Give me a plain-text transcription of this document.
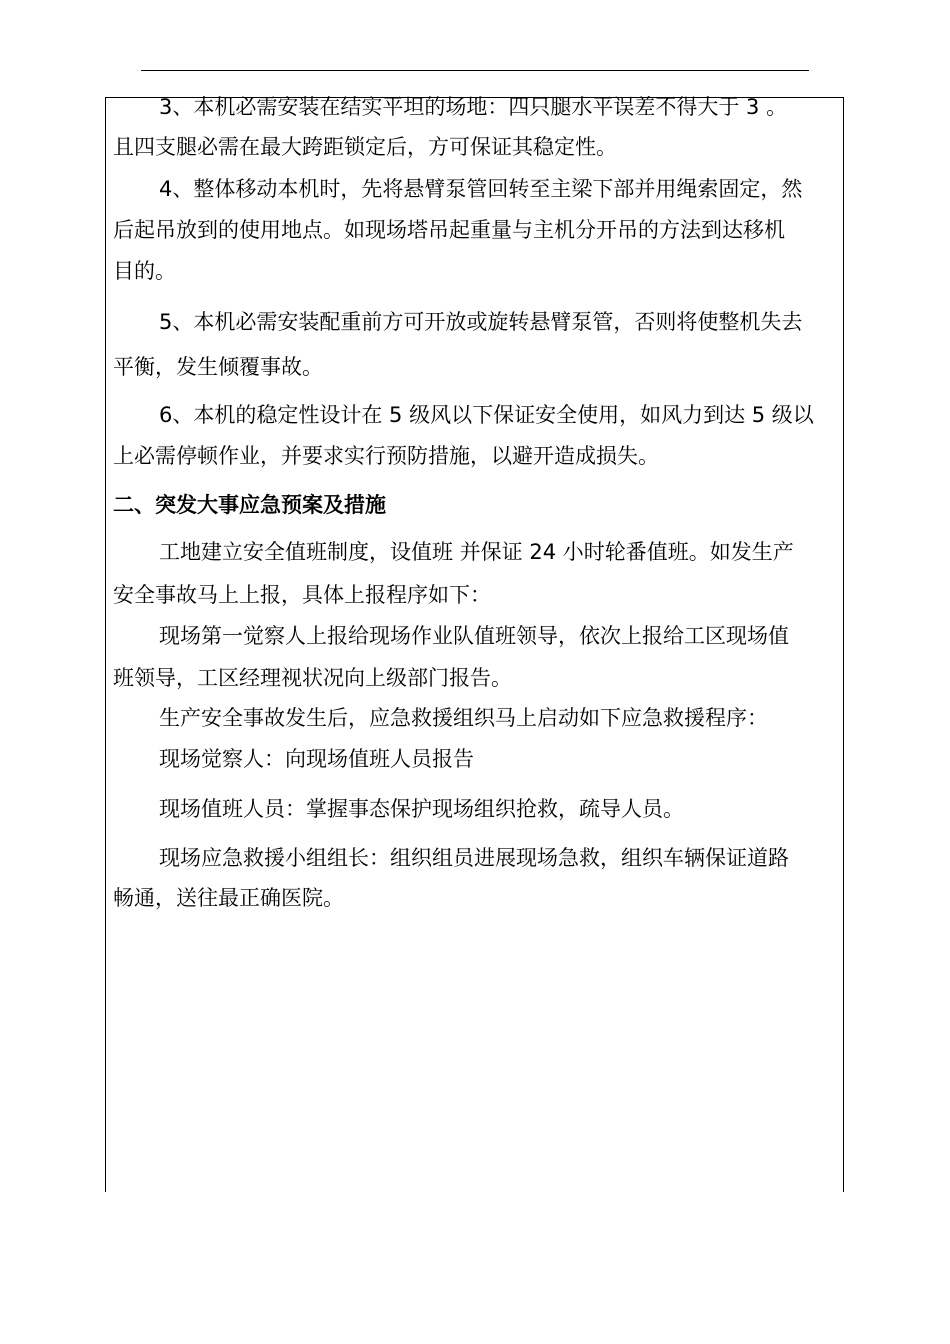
3、本机必需安装在结实平坦的场地：四只腿水平误差不得大于 3 。
且四支腿必需在最大跨距锁定后，方可保证其稳定性。
4、整体移动本机时，先将悬臂泵管回转至主梁下部并用绳索固定，然
后起吊放到的使用地点。如现场塔吊起重量与主机分开吊的方法到达移机
目的。
5、本机必需安装配重前方可开放或旋转悬臂泵管，否则将使整机失去
平衡，发生倾覆事故。
6、本机的稳定性设计在 5 级风以下保证安全使用，如风力到达 5 级以
上必需停顿作业，并要求实行预防措施，以避开造成损失。
二、突发大事应急预案及措施
工地建立安全值班制度，设值班 并保证 24 小时轮番值班。如发生产
安全事故马上上报，具体上报程序如下：
现场第一觉察人上报给现场作业队值班领导，依次上报给工区现场值
班领导，工区经理视状况向上级部门报告。
生产安全事故发生后，应急救援组织马上启动如下应急救援程序：
现场觉察人：向现场值班人员报告
现场值班人员：掌握事态保护现场组织抢救，疏导人员。
现场应急救援小组组长：组织组员进展现场急救，组织车辆保证道路
畅通，送往最正确医院。
